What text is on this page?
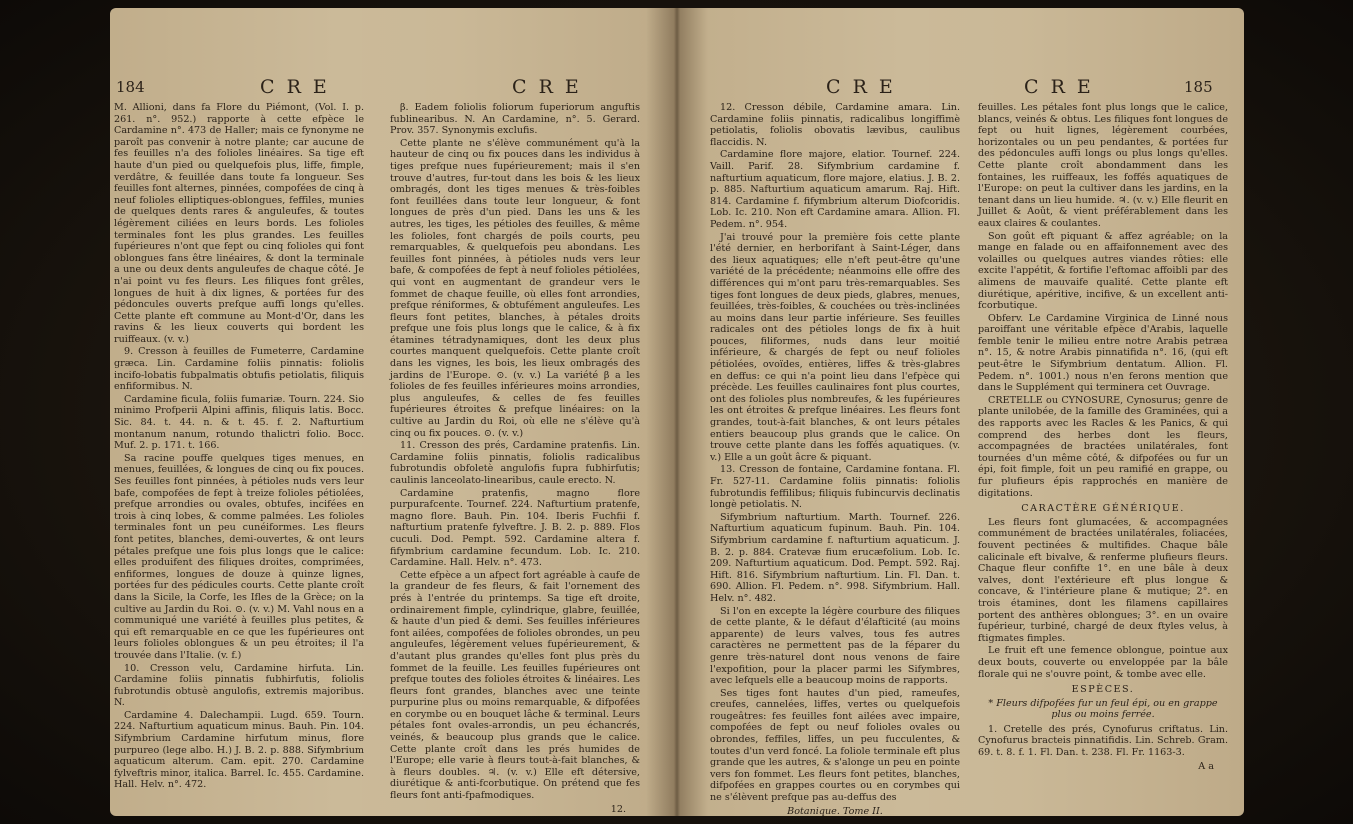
184	C R E	C R E

M. Allioni, dans fa Flore du Piémont, (Vol. I. p. 261. n°. 952.) rapporte à cette efpèce le Cardamine n°. 473 de Haller; mais ce fynonyme ne paroît pas convenir à notre plante; car aucune de fes feuilles n'a des folioles linéaires. Sa tige eft haute d'un pied ou quelquefois plus, liffe, fimple, verdâtre, & feuillée dans toute fa longueur. Ses feuilles font alternes, pinnées, compofées de cinq à neuf folioles elliptiques-oblongues, feffiles, munies de quelques dents rares & anguleufes, & toutes légèrement ciliées en leurs bords. Les folioles terminales font les plus grandes. Les feuilles fupérieures n'ont que fept ou cinq folioles qui font oblongues fans être linéaires, & dont la terminale a une ou deux dents anguleufes de chaque côté. Je n'ai point vu fes fleurs. Les filiques font grêles, longues de huit à dix lignes, & portées fur des pédoncules ouverts prefque auffi longs qu'elles. Cette plante eft commune au Mont-d'Or, dans les ravins & les lieux couverts qui bordent les ruiffeaux. (v. v.)

9. Cresson à feuilles de Fumeterre, Cardamine græca. Lin. Cardamine foliis pinnatis: foliolis incifo-lobatis fubpalmatis obtufis petiolatis, filiquis enfiformibus. N.

Cardamine ficula, foliis fumariæ. Tourn. 224. Sio minimo Profperii Alpini affinis, filiquis latis. Bocc. Sic. 84. t. 44. n. & t. 45. f. 2. Nafturtium montanum nanum, rotundo thalictri folio. Bocc. Muf. 2. p. 171. t. 166.

Sa racine pouffe quelques tiges menues, en menues, feuillées, & longues de cinq ou fix pouces. Ses feuilles font pinnées, à pétioles nuds vers leur bafe, compofées de fept à treize folioles pétiolées, prefque arrondies ou ovales, obtufes, incifées en trois à cinq lobes, & comme palmées. Les folioles terminales font un peu cunéiformes. Les fleurs font petites, blanches, demi-ouvertes, & ont leurs pétales prefque une fois plus longs que le calice: elles produifent des filiques droites, comprimées, enfiformes, longues de douze à quinze lignes, portées fur des pédicules courts. Cette plante croît dans la Sicile, la Corfe, les Ifles de la Grèce; on la cultive au Jardin du Roi. ⊙. (v. v.) M. Vahl nous en a communiqué une variété à feuilles plus petites, & qui eft remarquable en ce que les fupérieures ont leurs folioles oblongues & un peu étroites; il l'a trouvée dans l'Italie. (v. f.)

10. Cresson velu, Cardamine hirfuta. Lin. Cardamine foliis pinnatis fubhirfutis, foliolis fubrotundis obtusè angulofis, extremis majoribus. N.

Cardamine 4. Dalechampii. Lugd. 659. Tourn. 224. Nafturtium aquaticum minus. Bauh. Pin. 104. Sifymbrium Cardamine hirfutum minus, flore purpureo (lege albo. H.) J. B. 2. p. 888. Sifymbrium aquaticum alterum. Cam. epit. 270. Cardamine fylveftris minor, italica. Barrel. Ic. 455. Cardamine. Hall. Helv. n°. 472.

β. Eadem foliolis foliorum fuperiorum anguftis fublinearibus. N. An Cardamine, n°. 5. Gerard. Prov. 357. Synonymis exclufis.

Cette plante ne s'élève communément qu'à la hauteur de cinq ou fix pouces dans les individus à tiges prefque nues fupérieurement; mais il s'en trouve d'autres, fur-tout dans les bois & les lieux ombragés, dont les tiges menues & très-foibles font feuillées dans toute leur longueur, & font longues de près d'un pied. Dans les uns & les autres, les tiges, les pétioles des feuilles, & même les folioles, font chargés de poils courts, peu remarquables, & quelquefois peu abondans. Les feuilles font pinnées, à pétioles nuds vers leur bafe, & compofées de fept à neuf folioles pétiolées, qui vont en augmentant de grandeur vers le fommet de chaque feuille, où elles font arrondies, prefque réniformes, & obtufément anguleufes. Les fleurs font petites, blanches, à pétales droits prefque une fois plus longs que le calice, & à fix étamines tétradynamiques, dont les deux plus courtes manquent quelquefois. Cette plante croît dans les vignes, les bois, les lieux ombragés des jardins de l'Europe. ⊙. (v. v.) La variété β a les folioles de fes feuilles inférieures moins arrondies, plus anguleufes, & celles de fes feuilles fupérieures étroites & prefque linéaires: on la cultive au Jardin du Roi, où elle ne s'élève qu'à cinq ou fix pouces. ⊙. (v. v.)

11. Cresson des prés, Cardamine pratenfis. Lin. Cardamine foliis pinnatis, foliolis radicalibus fubrotundis obfoletè angulofis fupra fubhirfutis; caulinis lanceolato-linearibus, caule erecto. N.

Cardamine pratenfis, magno flore purpurafcente. Tournef. 224. Nafturtium pratenfe, magno flore. Bauh. Pin. 104. Iberis Fuchfii f. nafturtium pratenfe fylveftre. J. B. 2. p. 889. Flos cuculi. Dod. Pempt. 592. Cardamine altera f. fifymbrium cardamine fecundum. Lob. Ic. 210. Cardamine. Hall. Helv. n°. 473.

Cette efpèce a un afpect fort agréable à caufe de la grandeur de fes fleurs, & fait l'ornement des prés à l'entrée du printemps. Sa tige eft droite, ordinairement fimple, cylindrique, glabre, feuillée, & haute d'un pied & demi. Ses feuilles inférieures font ailées, compofées de folioles obrondes, un peu anguleufes, légèrement velues fupérieurement, & d'autant plus grandes qu'elles font plus près du fommet de la feuille. Les feuilles fupérieures ont prefque toutes des folioles étroites & linéaires. Les fleurs font grandes, blanches avec une teinte purpurine plus ou moins remarquable, & difpofées en corymbe ou en bouquet lâche & terminal. Leurs pétales font ovales-arrondis, un peu échancrés, veinés, & beaucoup plus grands que le calice. Cette plante croît dans les prés humides de l'Europe; elle varie à fleurs tout-à-fait blanches, & à fleurs doubles. ♃. (v. v.) Elle eft détersive, diurétique & anti-fcorbutique. On prétend que fes fleurs font anti-fpafmodiques.

12.

C R E	C R E	185

12. Cresson débile, Cardamine amara. Lin. Cardamine foliis pinnatis, radicalibus longiffimè petiolatis, foliolis obovatis lævibus, caulibus flaccidis. N.

Cardamine flore majore, elatior. Tournef. 224. Vaill. Parif. 28. Sifymbrium cardamine f. nafturtium aquaticum, flore majore, elatius. J. B. 2. p. 885. Nafturtium aquaticum amarum. Raj. Hift. 814. Cardamine f. fifymbrium alterum Diofcoridis. Lob. Ic. 210. Non eft Cardamine amara. Allion. Fl. Pedem. n°. 954.

J'ai trouvé pour la première fois cette plante l'été dernier, en herborifant à Saint-Léger, dans des lieux aquatiques; elle n'eft peut-être qu'une variété de la précédente; néanmoins elle offre des différences qui m'ont paru très-remarquables. Ses tiges font longues de deux pieds, glabres, menues, feuillées, très-foibles, & couchées ou très-inclinées au moins dans leur partie inférieure. Ses feuilles radicales ont des pétioles longs de fix à huit pouces, filiformes, nuds dans leur moitié inférieure, & chargés de fept ou neuf folioles pétiolées, ovoïdes, entières, liffes & très-glabres en deffus: ce qui n'a point lieu dans l'efpèce qui précède. Les feuilles caulinaires font plus courtes, ont des folioles plus nombreufes, & les fupérieures les ont étroites & prefque linéaires. Les fleurs font grandes, tout-à-fait blanches, & ont leurs pétales entiers beaucoup plus grands que le calice. On trouve cette plante dans les foffés aquatiques. (v. v.) Elle a un goût âcre & piquant.

13. Cresson de fontaine, Cardamine fontana. Fl. Fr. 527-11. Cardamine foliis pinnatis: foliolis fubrotundis feffilibus; filiquis fubincurvis declinatis longè petiolatis. N.

Sifymbrium nafturtium. Marth. Tournef. 226. Nafturtium aquaticum fupinum. Bauh. Pin. 104. Sifymbrium cardamine f. nafturtium aquaticum. J. B. 2. p. 884. Cratevæ fium erucæfolium. Lob. Ic. 209. Nafturtium aquaticum. Dod. Pempt. 592. Raj. Hift. 816. Sifymbrium nafturtium. Lin. Fl. Dan. t. 690. Allion. Fl. Pedem. n°. 998. Sifymbrium. Hall. Helv. n°. 482.

Si l'on en excepte la légère courbure des filiques de cette plante, & le défaut d'élafticité (au moins apparente) de leurs valves, tous fes autres caractères ne permettent pas de la féparer du genre très-naturel dont nous venons de faire l'expofition, pour la placer parmi les Sifymbres, avec lefquels elle a beaucoup moins de rapports.

Ses tiges font hautes d'un pied, rameufes, creufes, cannelées, liffes, vertes ou quelquefois rougeâtres: fes feuilles font ailées avec impaire, compofées de fept ou neuf folioles ovales ou obrondes, feffiles, liffes, un peu fucculentes, & toutes d'un verd foncé. La foliole terminale eft plus grande que les autres, & s'alonge un peu en pointe vers fon fommet. Les fleurs font petites, blanches, difpofées en grappes courtes ou en corymbes qui ne s'élèvent prefque pas au-deffus des

Botanique. Tome II.

feuilles. Les pétales font plus longs que le calice, blancs, veinés & obtus. Les filiques font longues de fept ou huit lignes, légèrement courbées, horizontales ou un peu pendantes, & portées fur des pédoncules auffi longs ou plus longs qu'elles. Cette plante croît abondamment dans les fontaines, les ruiffeaux, les foffés aquatiques de l'Europe: on peut la cultiver dans les jardins, en la tenant dans un lieu humide. ♃. (v. v.) Elle fleurit en Juillet & Août, & vient préférablement dans les eaux claires & coulantes.

Son goût eft piquant & affez agréable; on la mange en falade ou en affaifonnement avec des volailles ou quelques autres viandes rôties: elle excite l'appétit, & fortifie l'eftomac affoibli par des alimens de mauvaife qualité. Cette plante eft diurétique, apéritive, incifive, & un excellent anti-fcorbutique.

Obferv. Le Cardamine Virginica de Linné nous paroiffant une véritable efpèce d'Arabis, laquelle femble tenir le milieu entre notre Arabis petræa n°. 15, & notre Arabis pinnatifida n°. 16, (qui eft peut-être le Sifymbrium dentatum. Allion. Fl. Pedem. n°. 1001.) nous n'en ferons mention que dans le Supplément qui terminera cet Ouvrage.

CRETELLE ou CYNOSURE, Cynosurus; genre de plante unilobée, de la famille des Graminées, qui a des rapports avec les Racles & les Panics, & qui comprend des herbes dont les fleurs, accompagnées de bractées unilatérales, font tournées d'un même côté, & difpofées ou fur un épi, foit fimple, foit un peu ramifié en grappe, ou fur plufieurs épis rapprochés en manière de digitations.

CARACTÈRE GÉNÉRIQUE.

Les fleurs font glumacées, & accompagnées communément de bractées unilatérales, foliacées, fouvent pectinées & multifides. Chaque bâle calicinale eft bivalve, & renferme plufieurs fleurs. Chaque fleur confifte 1°. en une bâle à deux valves, dont l'extérieure eft plus longue & concave, & l'intérieure plane & mutique; 2°. en trois étamines, dont les filamens capillaires portent des anthères oblongues; 3°. en un ovaire fupérieur, turbiné, chargé de deux ftyles velus, à ftigmates fimples.

Le fruit eft une femence oblongue, pointue aux deux bouts, couverte ou enveloppée par la bâle florale qui ne s'ouvre point, & tombe avec elle.

ESPÈCES.

* Fleurs difpofées fur un feul épi, ou en grappe plus ou moins ferrée.

1. Cretelle des prés, Cynofurus criftatus. Lin. Cynofurus bracteis pinnatifidis. Lin. Schreb. Gram. 69. t. 8. f. 1. Fl. Dan. t. 238. Fl. Fr. 1163-3.

A a
